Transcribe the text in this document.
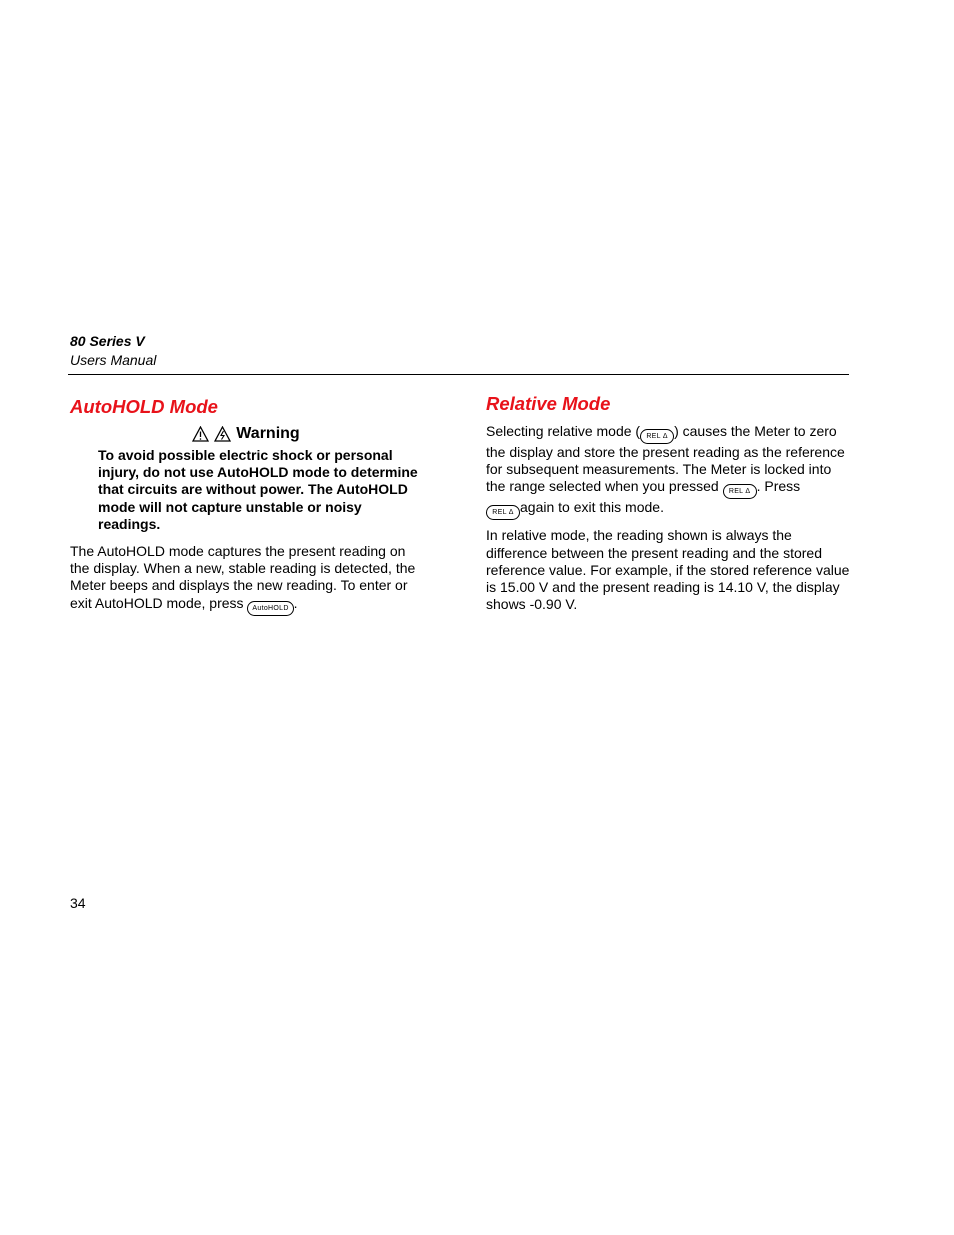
80 Series V
Users Manual
AutoHOLD Mode
Warning
To avoid possible electric shock or personal injury, do not use AutoHOLD mode to determine that circuits are without power. The AutoHOLD mode will not capture unstable or noisy readings.

The AutoHOLD mode captures the present reading on the display. When a new, stable reading is detected, the Meter beeps and displays the new reading. To enter or exit AutoHOLD mode, press AutoHOLD .

Relative Mode

Selecting relative mode ( REL Δ ) causes the Meter to zero the display and store the present reading as the reference for subsequent measurements. The Meter is locked into the range selected when you pressed REL Δ . Press
REL Δ again to exit this mode.

In relative mode, the reading shown is always the difference between the present reading and the stored reference value. For example, if the stored reference value is 15.00 V and the present reading is 14.10 V, the display shows -0.90 V.

34
